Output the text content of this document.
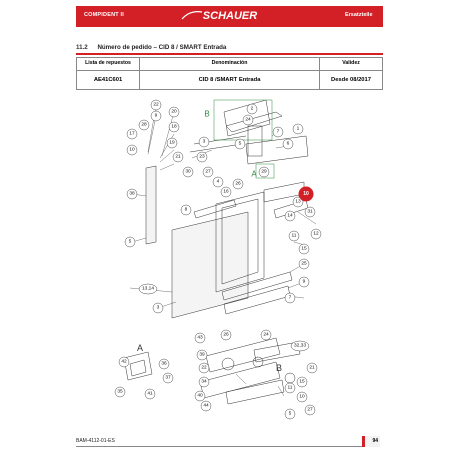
COMPIDENT II	SCHAUER	Ersatzteile
11.2 Número de pedido – CID 8 / SMART Entrada
Lista de repuestos	Denominación	Validez
AE41C601	CID 8 /SMART Entrada	Desde 08/2017
B
A
A
B
22
9
28
20
18
17
10
19
21
2
24
7
6
1
5
3
23
30	27
4
16
26
31
29
38
8
11	12
15
14
13
25
5
9
13,14
3
7
43
26	24
32,33
39
22
42	36
37
34
40
41
35
44
11
15
10
27
5
21
10
BAM-4112-01-ES	94
